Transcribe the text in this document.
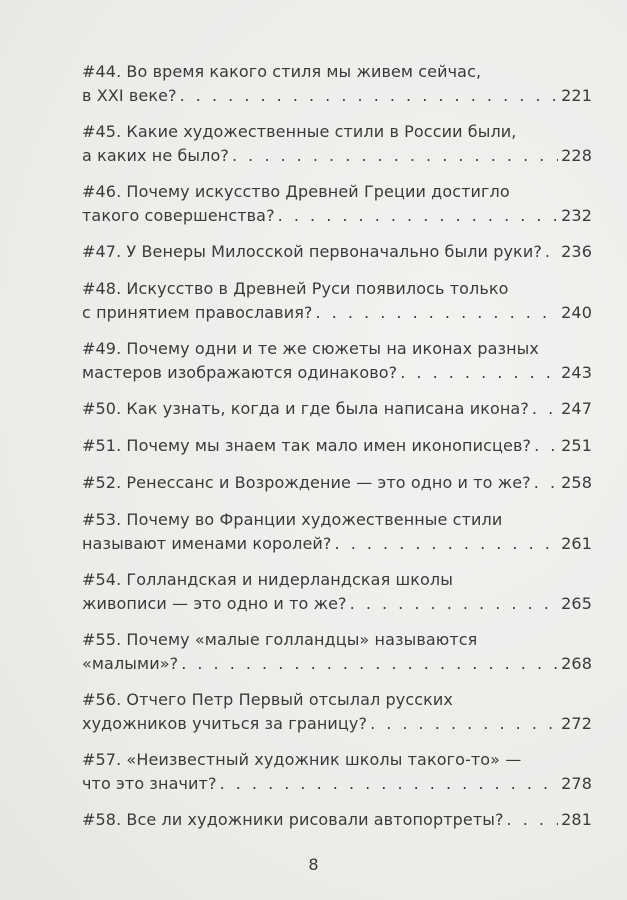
#44. Во время какого стиля мы живем сейчас,
в XXI веке? . . .	221
#45. Какие художественные стили в России были,
а каких не было? . . .	228
#46. Почему искусство Древней Греции достигло
такого совершенства? . . .	232
#47. У Венеры Милосской первоначально были руки? . . . 236
#48. Искусство в Древней Руси появилось только
с принятием православия? . . .	240
#49. Почему одни и те же сюжеты на иконах разных
мастеров изображаются одинаково? . . .	243
#50. Как узнать, когда и где была написана икона? . . . 247
#51. Почему мы знаем так мало имен иконописцев? . . . 251
#52. Ренессанс и Возрождение — это одно и то же? . . . 258
#53. Почему во Франции художественные стили
называют именами королей? . . .	261
#54. Голландская и нидерландская школы
живописи — это одно и то же? . . .	265
#55. Почему «малые голландцы» называются
«малыми»? . . .	268
#56. Отчего Петр Первый отсылал русских
художников учиться за границу? . . .	272
#57. «Неизвестный художник школы такого-то» —
что это значит? . . .	278
#58. Все ли художники рисовали автопортреты? . . .	281
8
